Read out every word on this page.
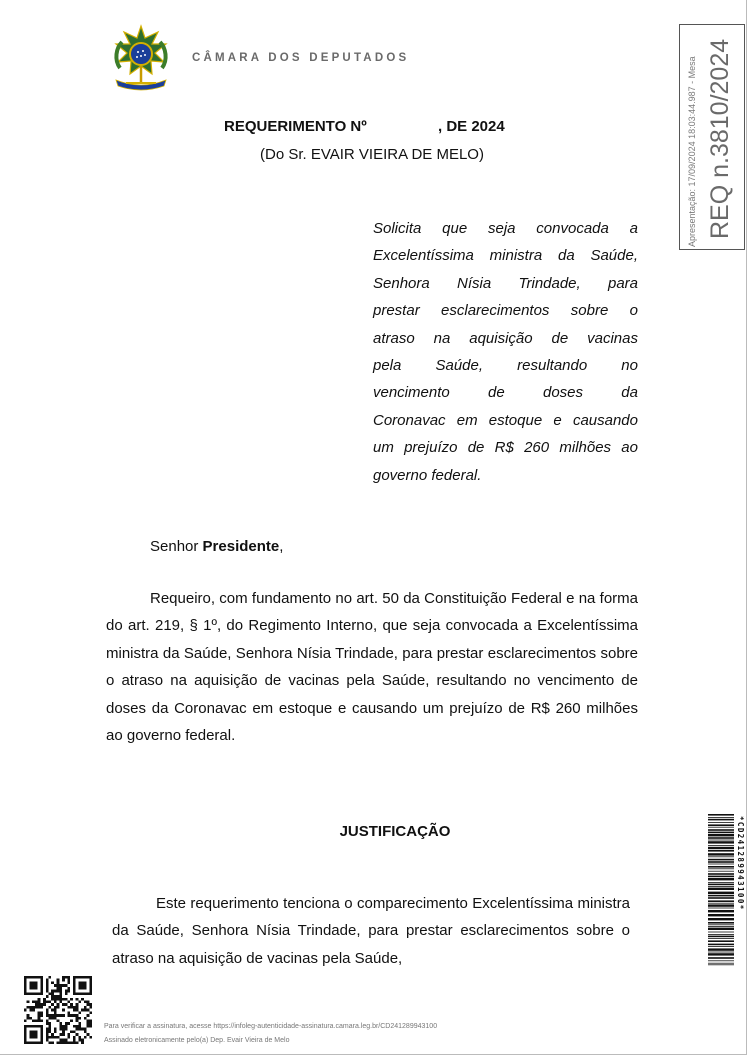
CÂMARA DOS DEPUTADOS	Apresentação: 17/09/2024 18:03:44.987 - Mesa REQ n.3810/2024
REQUERIMENTO Nº	, DE 2024
(Do Sr. EVAIR VIEIRA DE MELO)

Solicita que seja convocada a

Excelentíssima ministra da Saúde,

Senhora Nísia Trindade, para

prestar esclarecimentos sobre o

atraso na aquisição de vacinas

pela Saúde, resultando no

vencimento de doses da

Coronavac em estoque e causando

um prejuízo de R$ 260 milhões ao

governo federal.

Senhor Presidente,

Requeiro, com fundamento no art. 50 da Constituição Federal e na forma do art. 219, § 1º, do Regimento Interno, que seja convocada a Excelentíssima ministra da Saúde, Senhora Nísia Trindade, para prestar esclarecimentos sobre o atraso na aquisição de vacinas pela Saúde, resultando no vencimento de doses da Coronavac em estoque e causando um prejuízo de R$ 260 milhões ao governo federal.

JUSTIFICAÇÃO

Este requerimento tenciona o comparecimento Excelentíssima ministra da Saúde, Senhora Nísia Trindade, para prestar esclarecimentos sobre o atraso na aquisição de vacinas pela Saúde,

*CD241289943100*
Para verificar a assinatura, acesse https://infoleg-autenticidade-assinatura.camara.leg.br/CD241289943100
Assinado eletronicamente pelo(a) Dep. Evair Vieira de Melo
